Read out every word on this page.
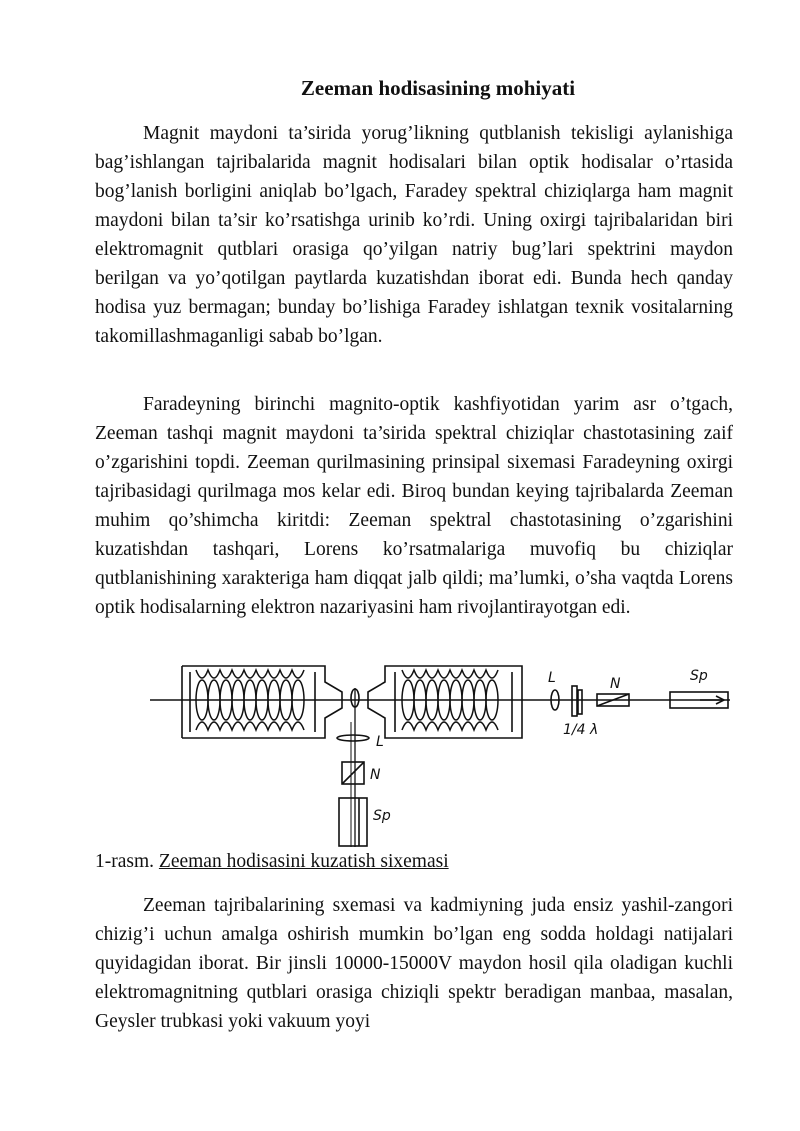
Zeeman hodisasining mohiyati

Magnit maydoni ta’sirida yorug’likning qutblanish tekisligi aylanishiga bag’ishlangan tajribalarida magnit hodisalari bilan optik hodisalar o’rtasida bog’lanish borligini aniqlab bo’lgach, Faradey spektral chiziqlarga ham magnit maydoni bilan ta’sir ko’rsatishga urinib ko’rdi. Uning oxirgi tajribalaridan biri elektromagnit qutblari orasiga qo’yilgan natriy bug’lari spektrini maydon berilgan va yo’qotilgan paytlarda kuzatishdan iborat edi. Bunda hech qanday hodisa yuz bermagan; bunday bo’lishiga Faradey ishlatgan texnik vositalarning takomillashmaganligi sabab bo’lgan.

Faradeyning birinchi magnito-optik kashfiyotidan yarim asr o’tgach, Zeeman tashqi magnit maydoni ta’sirida spektral chiziqlar chastotasining zaif o’zgarishini topdi. Zeeman qurilmasining prinsipal sixemasi Faradeyning oxirgi tajribasidagi qurilmaga mos kelar edi. Biroq bundan keying tajribalarda Zeeman muhim qo’shimcha kiritdi: Zeeman spektral chastotasining o’zgarishini kuzatishdan tashqari, Lorens ko’rsatmalariga muvofiq bu chiziqlar qutblanishining xarakteriga ham diqqat jalb qildi; ma’lumki, o’sha vaqtda Lorens optik hodisalarning elektron nazariyasini ham rivojlantirayotgan edi.

L
1/4 λ
N	Sp
L
N
Sp
1-rasm. Zeeman hodisasini kuzatish sixemasi

Zeeman tajribalarining sxemasi va kadmiyning juda ensiz yashil-zangori chizig’i uchun amalga oshirish mumkin bo’lgan eng sodda holdagi natijalari quyidagidan iborat. Bir jinsli 10000-15000V maydon hosil qila oladigan kuchli elektromagnitning qutblari orasiga chiziqli spektr beradigan manbaa, masalan, Geysler trubkasi yoki vakuum yoyi
